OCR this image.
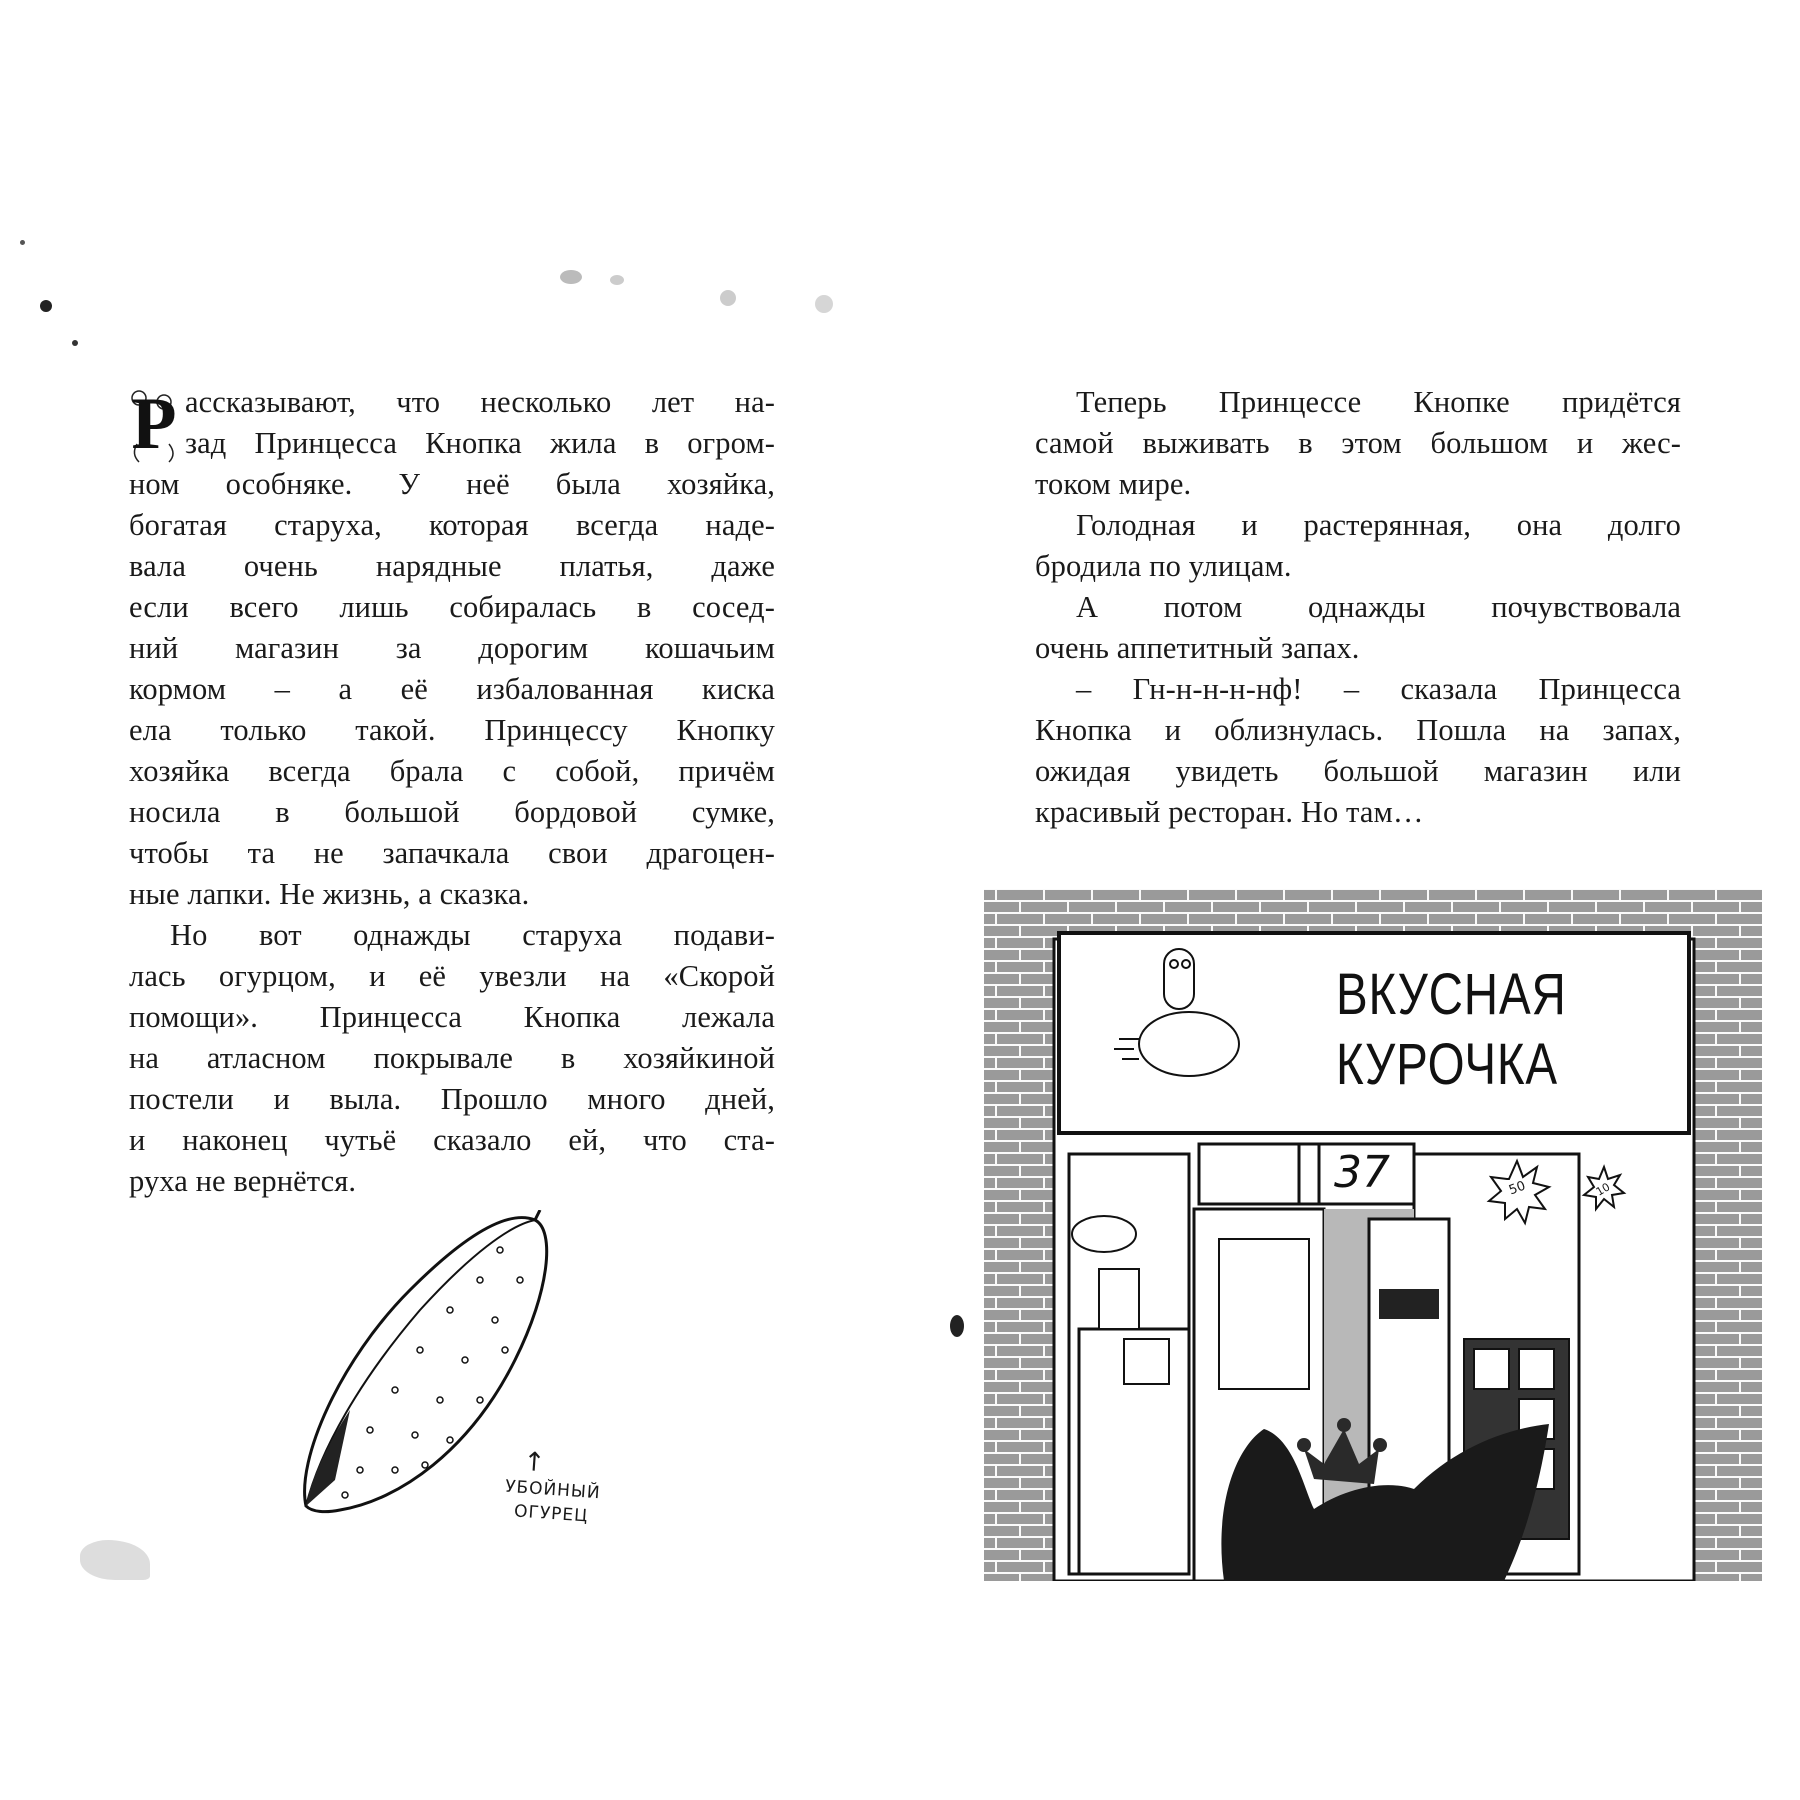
Р ассказывают, что несколько лет на-
зад Принцесса Кнопка жила в огром-
ном особняке. У неё была хозяйка,
богатая старуха, которая всегда наде-
вала очень нарядные платья, даже
если всего лишь собиралась в сосед-
ний магазин за дорогим кошачьим
кормом – а её избалованная киска
ела только такой. Принцессу Кнопку
хозяйка всегда брала с собой, причём
носила в большой бордовой сумке,
чтобы та не запачкала свои драгоцен-
ные лапки. Не жизнь, а сказка.
Но вот однажды старуха подави-
лась огурцом, и её увезли на «Скорой
помощи». Принцесса Кнопка лежала
на атласном покрывале в хозяйкиной
постели и выла. Прошло много дней,
и наконец чутьё сказало ей, что ста-
руха не вернётся.
Теперь Принцессе Кнопке придётся
самой выживать в этом большом и жес-
током мире.
Голодная и растерянная, она долго
бродила по улицам.
А потом однажды почувствовала
очень аппетитный запах.
– Гн-н-н-н-нф! – сказала Принцесса
Кнопка и облизнулась. Пошла на запах,
ожидая увидеть большой магазин или
красивый ресторан. Но там…
↑
УБОЙНЫЙ
ОГУРЕЦ
ВКУСНАЯ
КУРОЧКА
37	50	10
